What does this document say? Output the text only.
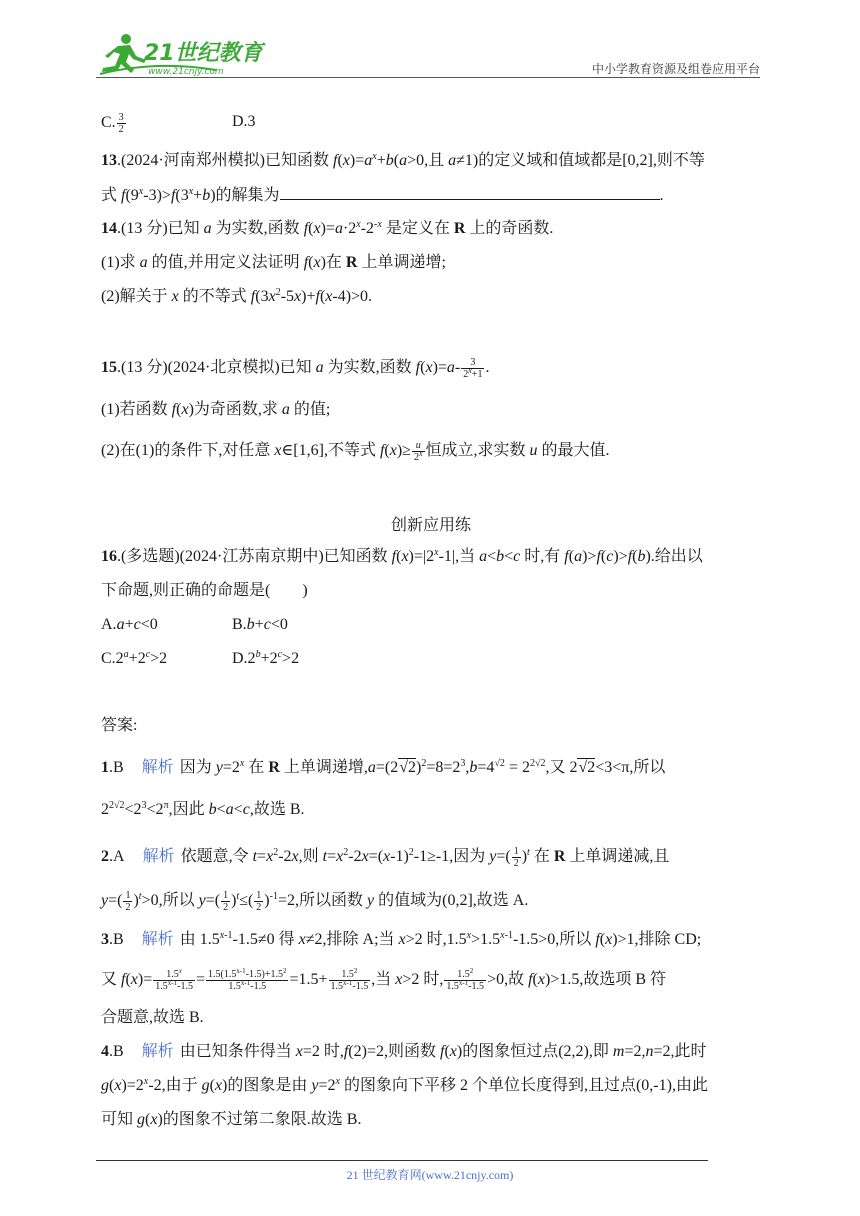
21世纪教育
www.21cnjy.com	中小学教育资源及组卷应用平台
C. $\frac{3}{2}$	D.3
13.(2024·河南郑州模拟)已知函数 $f(x)=a^x+b(a>0$,且 a≠1)的定义域和值域都是[0,2],则不等
式 $f(9^x-3)>f(3^x+b)$的解集为	.
14.(13 分)已知 a 为实数,函数 $f(x)=a\cdot 2^x-2^{-x}$ 是定义在 R 上的奇函数.
(1)求 a 的值,并用定义法证明 f(x)在 R 上单调递增;
(2)解关于 x 的不等式 $f(3x^2-5x)+f(x-4)>0$.
15.(13 分)(2024·北京模拟)已知 a 为实数,函数 $f(x)=a- \frac{3}{2^x+1}$ .
(1)若函数 f(x)为奇函数,求 a 的值;
(2)在(1)的条件下,对任意 x∈[1,6],不等式 $f(x)\ge \frac{u}{2^x}$ 恒成立,求实数 u 的最大值.
创新应用练
16.(多选题)(2024·江苏南京期中)已知函数 $f(x)=|2^x-1|$,当 a<b<c 时,有 f(a)>f(c)>f(b).给出以
下命题,则正确的命题是(　　)
A.a+c<0	B.b+c<0
$C.2^a+2^c>2$	$D.2^b+2^c>2$
答案:
1.B 解析 因为 $y=2^x$ 在 R 上单调递增$,a=(2√2)^2=8=2^3,b=4^{√2} = 2^{2√2}$,又 2√2<3<π,所以
$2^{2√2}<2^3<2^\pi$,因此 b<a<c,故选 B.
2.A 解析 依题意,令 $t=x^2-2x$,则 $t=x^2-2x=(x-1)^2-1\ge-1$,因为 $y=( \frac{1}{2} )^t$ 在 R 上单调递减,且
$y=( \frac{1}{2} )^t>0$,所以 $y=( \frac{1}{2} )^t\le( \frac{1}{2} )^{-1}=2$,所以函数 y 的值域为(0,2],故选 A.
3.B 解析 由 $1.5^{x-1}-1.5\ne 0$ 得 x≠2,排除 A;当 x>2 时$,1.5^x>1.5^{x-1}-1.5>0$,所以 f(x)>1,排除 CD;
又 $f(x)= \frac{1.5^x}{1.5^{x-1}-1.5} = \frac{1.5(1.5^{x-1}-1.5)+1.5^2}{1.5^{x-1}-1.5} =1.5+ \frac{1.5^2}{1.5^{x-1}-1.5}$ ,当 x>2 时, $\frac{1.5^2}{1.5^{x-1}-1.5} >0$,故 f(x)>1.5,故选项 B 符
合题意,故选 B.
4.B 解析 由已知条件得当 x=2 时,f(2)=2,则函数 f(x)的图象恒过点(2,2),即 m=2,n=2,此时
$g(x)=2^x-2$,由于 g(x)的图象是由 $y=2^x$ 的图象向下平移 2 个单位长度得到,且过点(0,-1),由此
可知 g(x)的图象不过第二象限.故选 B.
21 世纪教育网(www.21cnjy.com)
